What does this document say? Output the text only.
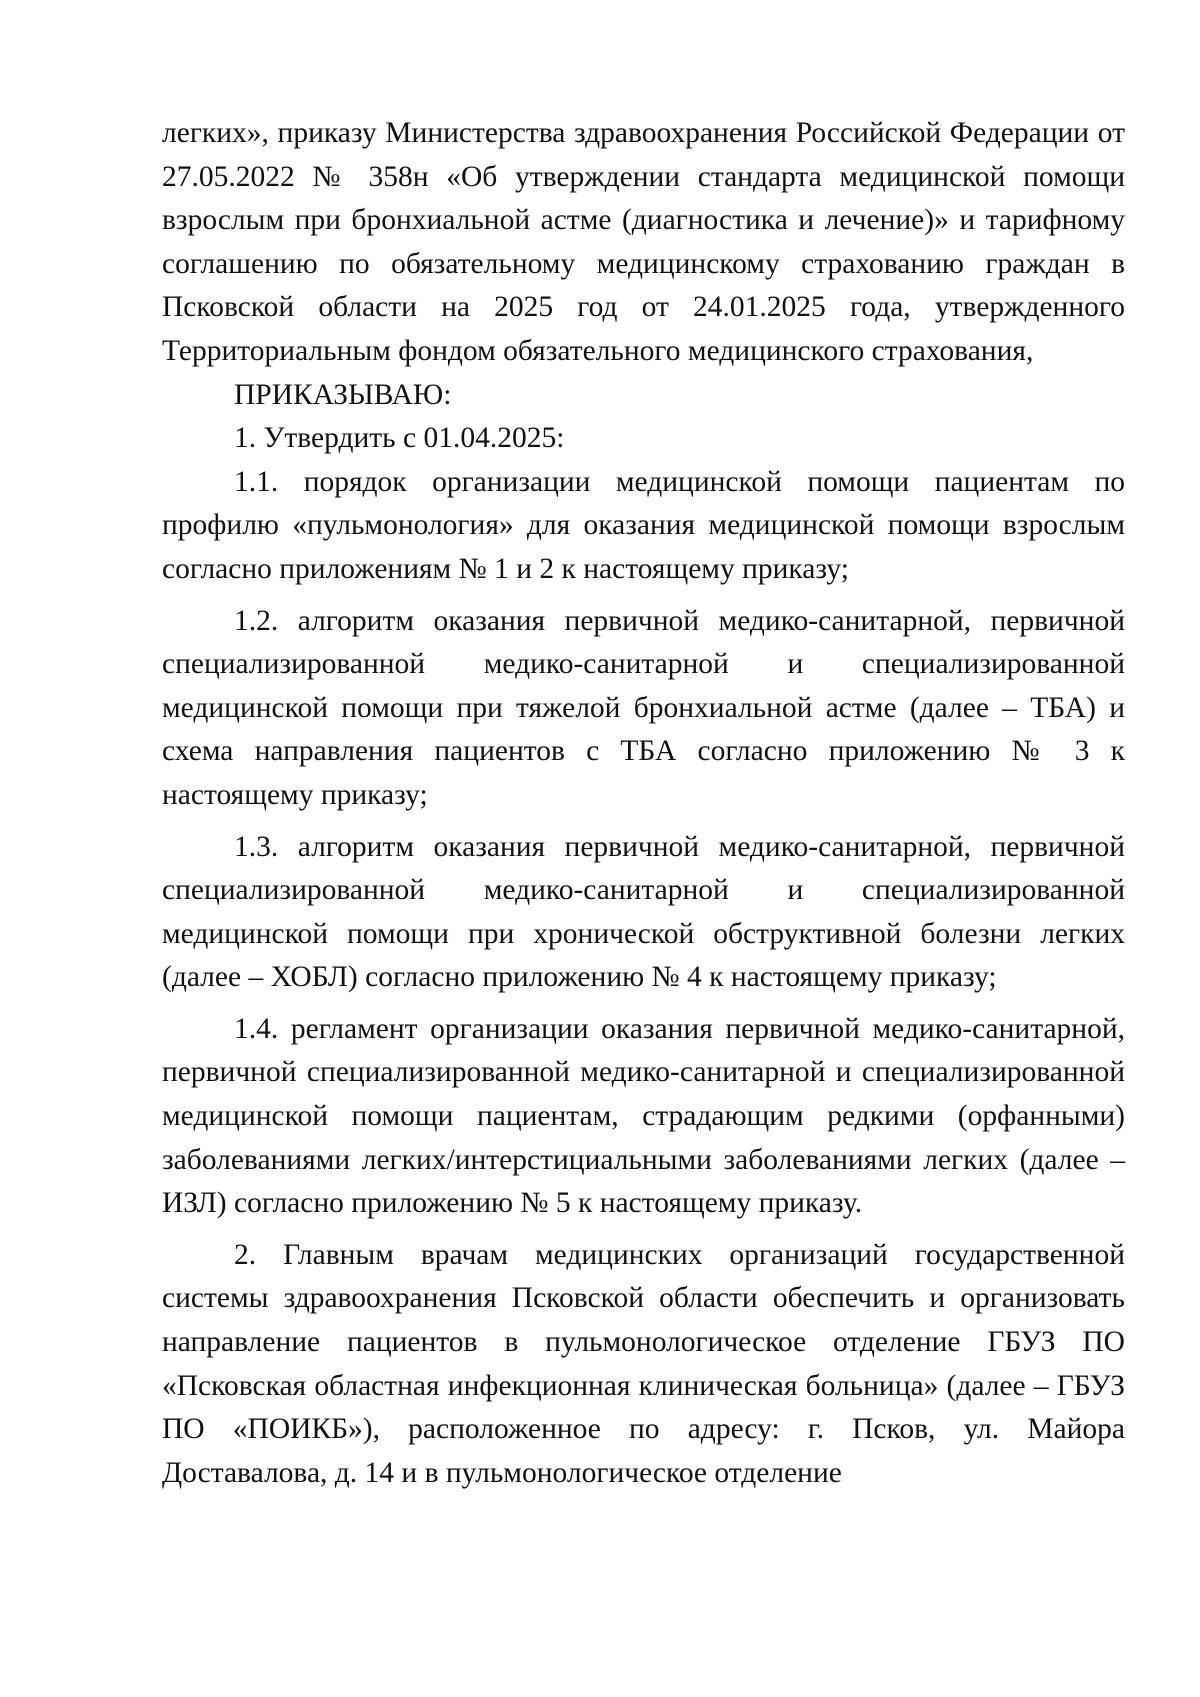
легких», приказу Министерства здравоохранения Российской Федерации от 27.05.2022 № 358н «Об утверждении стандарта медицинской помощи взрослым при бронхиальной астме (диагностика и лечение)» и тарифному соглашению по обязательному медицинскому страхованию граждан в Псковской области на 2025 год от 24.01.2025 года, утвержденного Территориальным фондом обязательного медицинского страхования,

ПРИКАЗЫВАЮ:

1. Утвердить с 01.04.2025:

1.1. порядок организации медицинской помощи пациентам по профилю «пульмонология» для оказания медицинской помощи взрослым согласно приложениям № 1 и 2 к настоящему приказу;

1.2. алгоритм оказания первичной медико-санитарной, первичной специализированной медико-санитарной и специализированной медицинской помощи при тяжелой бронхиальной астме (далее – ТБА) и схема направления пациентов с ТБА согласно приложению № 3 к настоящему приказу;

1.3. алгоритм оказания первичной медико-санитарной, первичной специализированной медико-санитарной и специализированной медицинской помощи при хронической обструктивной болезни легких (далее – ХОБЛ) согласно приложению № 4 к настоящему приказу;

1.4. регламент организации оказания первичной медико-санитарной, первичной специализированной медико-санитарной и специализированной медицинской помощи пациентам, страдающим редкими (орфанными) заболеваниями легких/интерстициальными заболеваниями легких (далее – ИЗЛ) согласно приложению № 5 к настоящему приказу.

2. Главным врачам медицинских организаций государственной системы здравоохранения Псковской области обеспечить и организовать направление пациентов в пульмонологическое отделение ГБУЗ ПО «Псковская областная инфекционная клиническая больница» (далее – ГБУЗ ПО «ПОИКБ»), расположенное по адресу: г. Псков, ул. Майора Доставалова, д. 14 и в пульмонологическое отделение
